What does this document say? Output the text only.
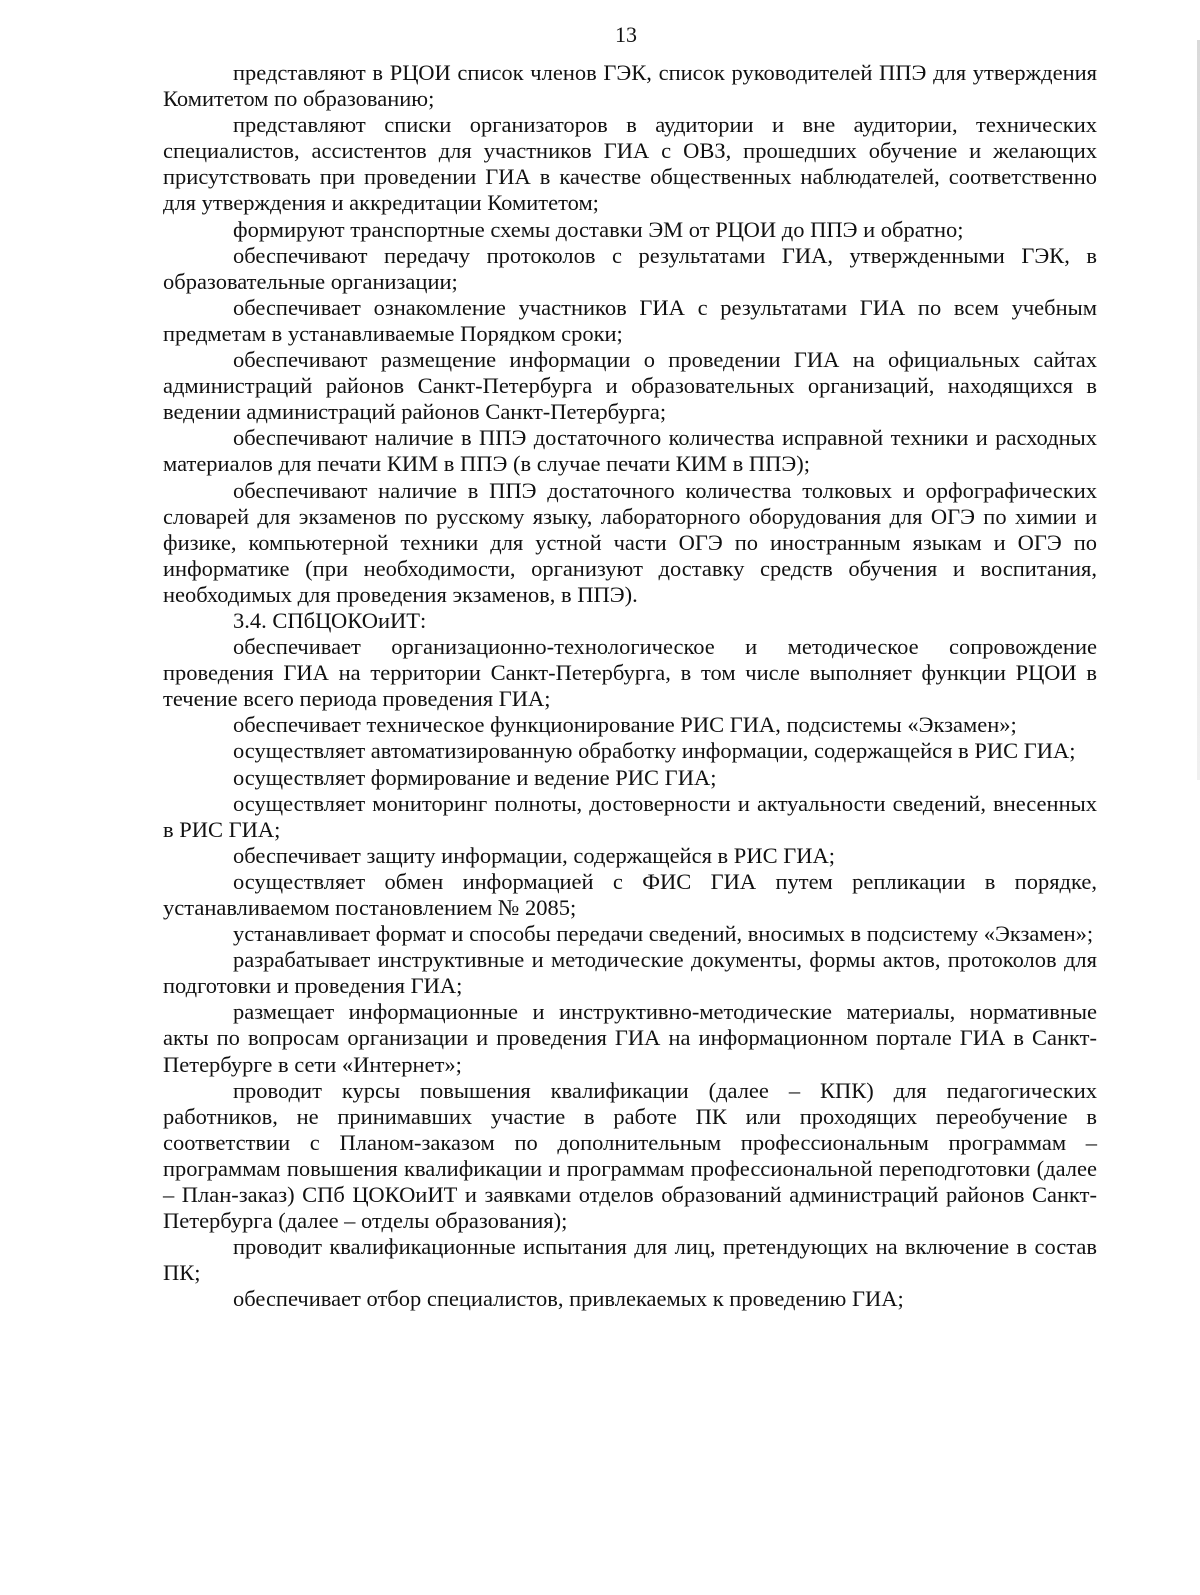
13

представляют в РЦОИ список членов ГЭК, список руководителей ППЭ для утверждения Комитетом по образованию;

представляют списки организаторов в аудитории и вне аудитории, технических специалистов, ассистентов для участников ГИА с ОВЗ, прошедших обучение и желающих присутствовать при проведении ГИА в качестве общественных наблюдателей, соответственно для утверждения и аккредитации Комитетом;

формируют транспортные схемы доставки ЭМ от РЦОИ до ППЭ и обратно;

обеспечивают передачу протоколов с результатами ГИА, утвержденными ГЭК, в образовательные организации;

обеспечивает ознакомление участников ГИА с результатами ГИА по всем учебным предметам в устанавливаемые Порядком сроки;

обеспечивают размещение информации о проведении ГИА на официальных сайтах администраций районов Санкт-Петербурга и образовательных организаций, находящихся в ведении администраций районов Санкт-Петербурга;

обеспечивают наличие в ППЭ достаточного количества исправной техники и расходных материалов для печати КИМ в ППЭ (в случае печати КИМ в ППЭ);

обеспечивают наличие в ППЭ достаточного количества толковых и орфографических словарей для экзаменов по русскому языку, лабораторного оборудования для ОГЭ по химии и физике, компьютерной техники для устной части ОГЭ по иностранным языкам и ОГЭ по информатике (при необходимости, организуют доставку средств обучения и воспитания, необходимых для проведения экзаменов, в ППЭ).

3.4. СПбЦОКОиИТ:

обеспечивает организационно-технологическое и методическое сопровождение проведения ГИА на территории Санкт-Петербурга, в том числе выполняет функции РЦОИ в течение всего периода проведения ГИА;

обеспечивает техническое функционирование РИС ГИА, подсистемы «Экзамен»;

осуществляет автоматизированную обработку информации, содержащейся в РИС ГИА;

осуществляет формирование и ведение РИС ГИА;

осуществляет мониторинг полноты, достоверности и актуальности сведений, внесенных в РИС ГИА;

обеспечивает защиту информации, содержащейся в РИС ГИА;

осуществляет обмен информацией с ФИС ГИА путем репликации в порядке, устанавливаемом постановлением № 2085;

устанавливает формат и способы передачи сведений, вносимых в подсистему «Экзамен»;

разрабатывает инструктивные и методические документы, формы актов, протоколов для подготовки и проведения ГИА;

размещает информационные и инструктивно-методические материалы, нормативные акты по вопросам организации и проведения ГИА на информационном портале ГИА в Санкт-Петербурге в сети «Интернет»;

проводит курсы повышения квалификации (далее – КПК) для педагогических работников, не принимавших участие в работе ПК или проходящих переобучение в соответствии с Планом-заказом по дополнительным профессиональным программам – программам повышения квалификации и программам профессиональной переподготовки (далее – План-заказ) СПб ЦОКОиИТ и заявками отделов образований администраций районов Санкт-Петербурга (далее – отделы образования);

проводит квалификационные испытания для лиц, претендующих на включение в состав ПК;

обеспечивает отбор специалистов, привлекаемых к проведению ГИА;
